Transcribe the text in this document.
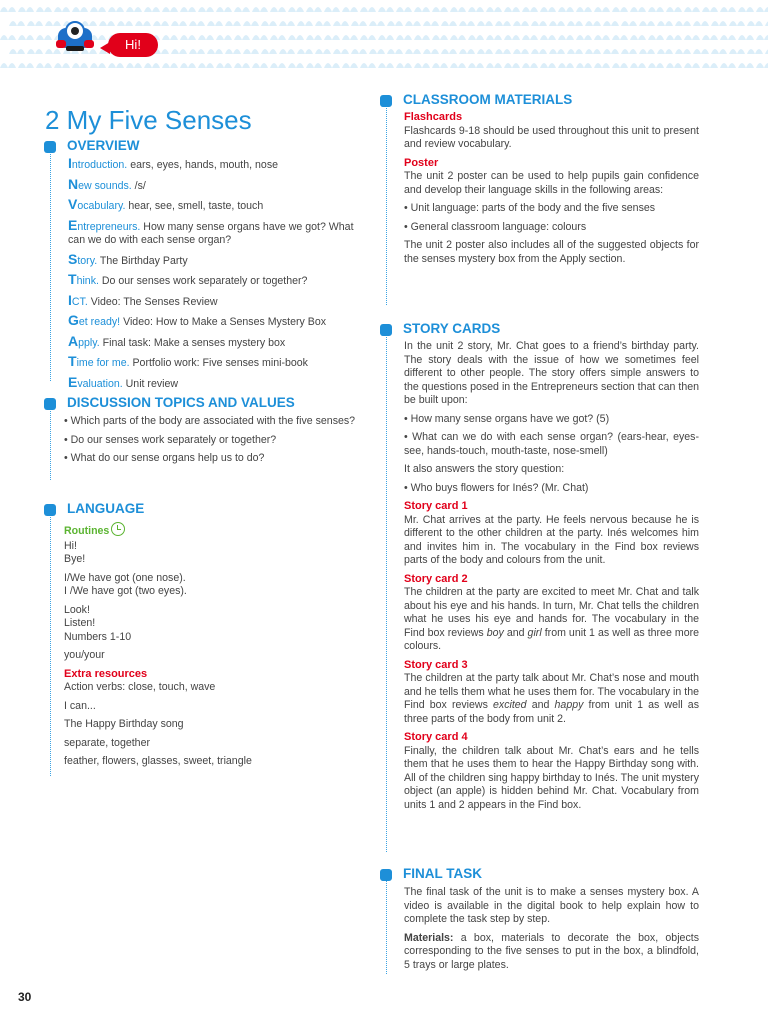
Hi!
2 My Five Senses
OVERVIEW
Introduction. ears, eyes, hands, mouth, nose
New sounds. /s/
Vocabulary. hear, see, smell, taste, touch
Entrepreneurs. How many sense organs have we got? What can we do with each sense organ?
Story. The Birthday Party
Think. Do our senses work separately or together?
ICT. Video: The Senses Review
Get ready! Video: How to Make a Senses Mystery Box
Apply. Final task: Make a senses mystery box
Time for me. Portfolio work: Five senses mini-book
Evaluation. Unit review
DISCUSSION TOPICS AND VALUES
• Which parts of the body are associated with the five senses?
• Do our senses work separately or together?
• What do our sense organs help us to do?
LANGUAGE
Routines
Hi!
Bye!
I/We have got (one nose).
I /We have got (two eyes).
Look!
Listen!
Numbers 1-10
you/your
Extra resources
Action verbs: close, touch, wave
I can...
The Happy Birthday song
separate, together
feather, flowers, glasses, sweet, triangle
CLASSROOM MATERIALS
Flashcards
Flashcards 9-18 should be used throughout this unit to present and review vocabulary.
Poster
The unit 2 poster can be used to help pupils gain confidence and develop their language skills in the following areas:
• Unit language: parts of the body and the five senses
• General classroom language: colours
The unit 2 poster also includes all of the suggested objects for the senses mystery box from the Apply section.
STORY CARDS
In the unit 2 story, Mr. Chat goes to a friend’s birthday party. The story deals with the issue of how we sometimes feel different to other people. The story offers simple answers to the questions posed in the Entrepreneurs section that can then be built upon:
• How many sense organs have we got? (5)
• What can we do with each sense organ? (ears-hear, eyes-see, hands-touch, mouth-taste, nose-smell)
It also answers the story question:
• Who buys flowers for Inés? (Mr. Chat)
Story card 1
Mr. Chat arrives at the party. He feels nervous because he is different to the other children at the party. Inés welcomes him and invites him in. The vocabulary in the Find box reviews parts of the body and colours from the unit.
Story card 2
The children at the party are excited to meet Mr. Chat and talk about his eye and his hands. In turn, Mr. Chat tells the children what he uses his eye and hands for. The vocabulary in the Find box reviews boy and girl from unit 1 as well as three more colours.
Story card 3
The children at the party talk about Mr. Chat’s nose and mouth and he tells them what he uses them for. The vocabulary in the Find box reviews excited and happy from unit 1 as well as three parts of the body from unit 2.
Story card 4
Finally, the children talk about Mr. Chat’s ears and he tells them that he uses them to hear the Happy Birthday song with. All of the children sing happy birthday to Inés. The unit mystery object (an apple) is hidden behind Mr. Chat. Vocabulary from units 1 and 2 appears in the Find box.
FINAL TASK
The final task of the unit is to make a senses mystery box. A video is available in the digital book to help explain how to complete the task step by step.
Materials: a box, materials to decorate the box, objects corresponding to the five senses to put in the box, a blindfold, 5 trays or large plates.
30
